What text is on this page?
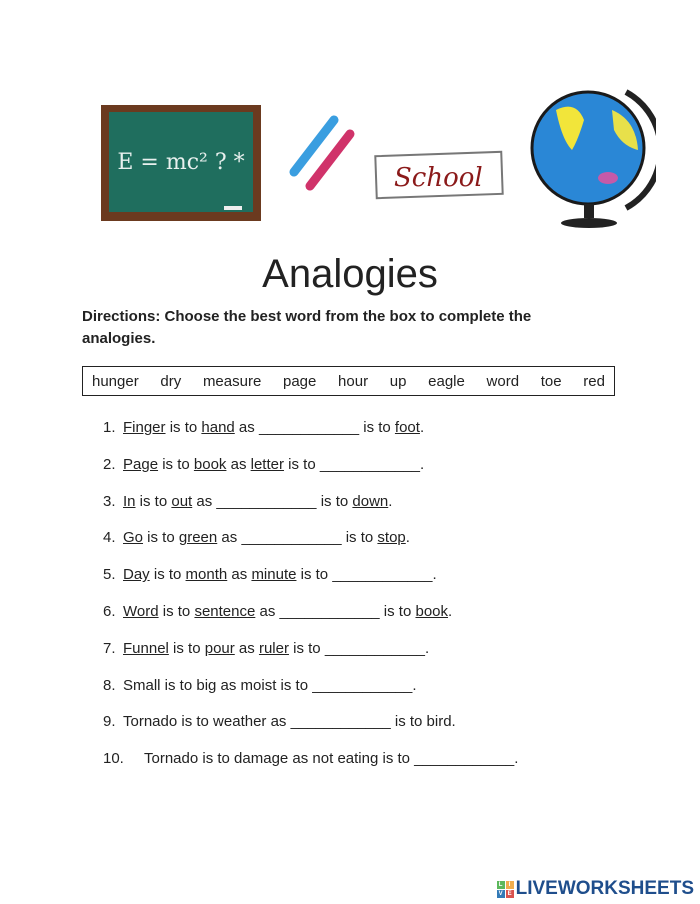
E = mc² ? *
School
Analogies
Directions: Choose the best word from the box to complete the analogies.
hunger dry measure page hour up eagle word toe red
1. Finger is to hand as ____________ is to foot.
2. Page is to book as letter is to ____________.
3. In is to out as ____________ is to down.
4. Go is to green as ____________ is to stop.
5. Day is to month as minute is to ____________.
6. Word is to sentence as ____________ is to book.
7. Funnel is to pour as ruler is to ____________.
8. Small is to big as moist is to ____________.
9. Tornado is to weather as ____________ is to bird.
10. Tornado is to damage as not eating is to ____________.
L	I
V E LIVEWORKSHEETS
